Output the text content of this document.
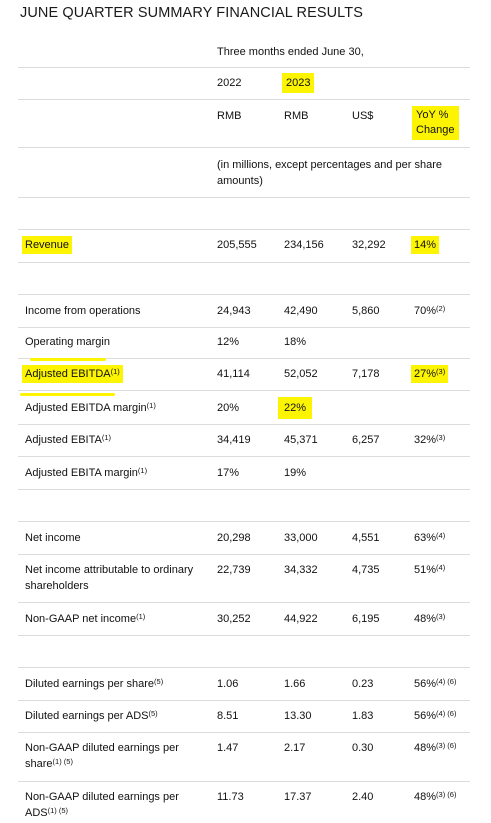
JUNE QUARTER SUMMARY FINANCIAL RESULTS
Three months ended June 30,
2022	2023
RMB	RMB	US$	YoY %
Change
(in millions, except percentages and per share amounts)
Revenue	205,555 234,156	32,292	14%
Income from operations	24,943	42,490	5,860	70%$^{(2)}$
Operating margin	12%	18%
Adjusted EBITDA$^{(1)}$	41,114	52,052	7,178	27%$^{(3)}$
Adjusted EBITDA margin$^{(1)}$	20%	22%
Adjusted EBITA$^{(1)}$	34,419	45,371	6,257	32%$^{(3)}$
Adjusted EBITA margin$^{(1)}$	17%	19%
Net income	20,298	33,000	4,551	63%$^{(4)}$
Net income attributable to ordinary shareholders
22,739	34,332	4,735	51%$^{(4)}$
Non-GAAP net income$^{(1)}$	30,252	44,922	6,195	48%$^{(3)}$
Diluted earnings per share$^{(5)}$	1.06	1.66	0.23	56%$^{(4) (6)}$
Diluted earnings per ADS$^{(5)}$	8.51	13.30	1.83	56%$^{(4) (6)}$
Non-GAAP diluted earnings per share$^{(1) (5)}$
1.47	2.17	0.30	48%$^{(3) (6)}$
Non-GAAP diluted earnings per $ADS^{(1) (5)}$
11.73	17.37	2.40	48%$^{(3) (6)}$
